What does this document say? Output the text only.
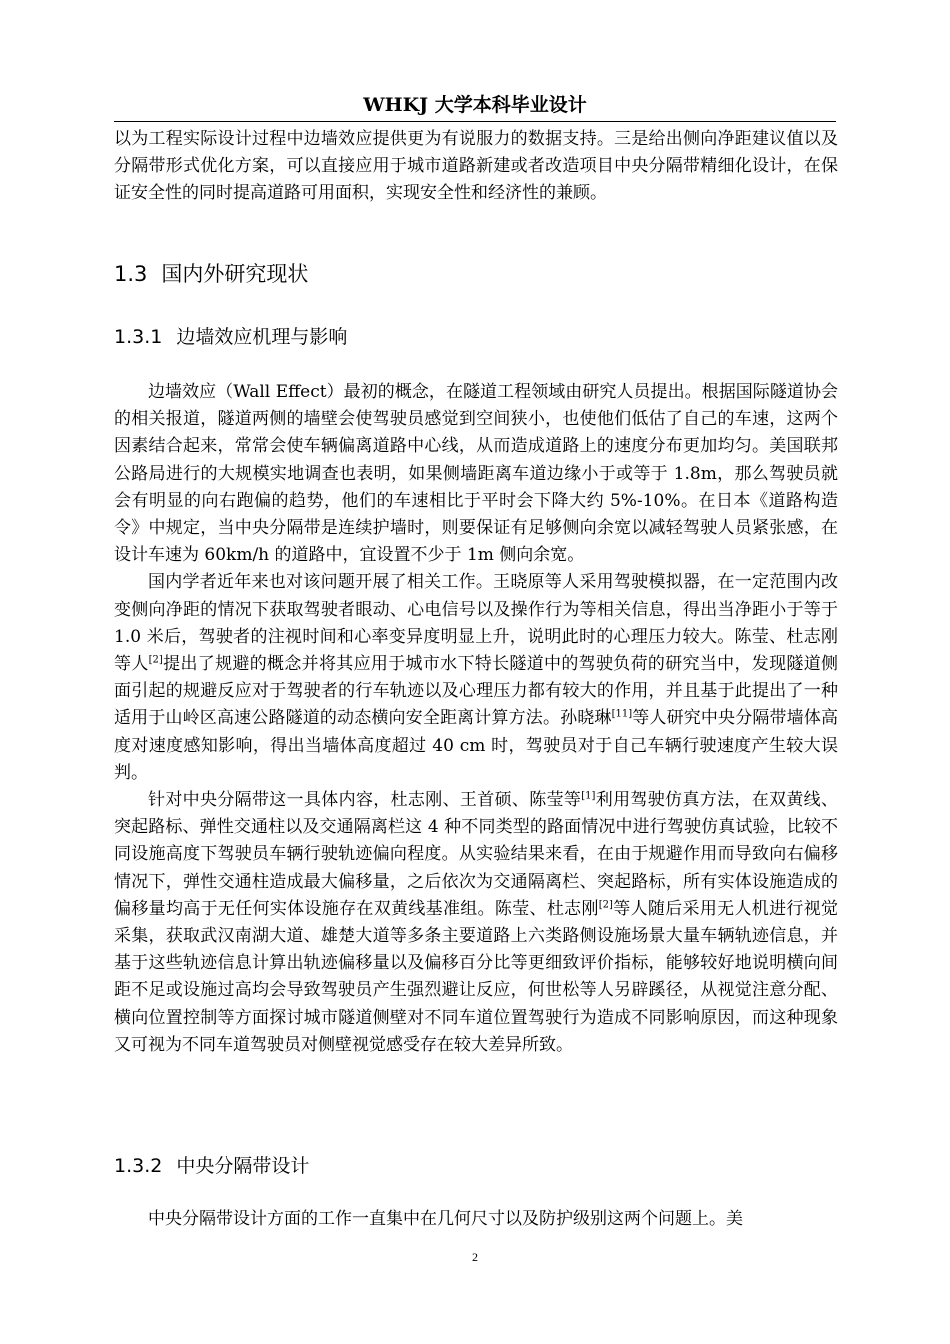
WHKJ 大学本科毕业设计

以为工程实际设计过程中边墙效应提供更为有说服力的数据支持。三是给出侧向净距建议值以及分隔带形式优化方案，可以直接应用于城市道路新建或者改造项目中央分隔带精细化设计，在保证安全性的同时提高道路可用面积，实现安全性和经济性的兼顾。

1.3 国内外研究现状
1.3.1 边墙效应机理与影响

边墙效应（Wall Effect）最初的概念，在隧道工程领域由研究人员提出。根据国际隧道协会的相关报道，隧道两侧的墙壁会使驾驶员感觉到空间狭小，也使他们低估了自己的车速，这两个因素结合起来，常常会使车辆偏离道路中心线，从而造成道路上的速度分布更加均匀。美国联邦公路局进行的大规模实地调查也表明，如果侧墙距离车道边缘小于或等于 1.8m，那么驾驶员就会有明显的向右跑偏的趋势，他们的车速相比于平时会下降大约 5%-10%。在日本《道路构造令》中规定，当中央分隔带是连续护墙时，则要保证有足够侧向余宽以减轻驾驶人员紧张感，在设计车速为 60km/h 的道路中，宜设置不少于 1m 侧向余宽。

国内学者近年来也对该问题开展了相关工作。王晓原等人采用驾驶模拟器，在一定范围内改变侧向净距的情况下获取驾驶者眼动、心电信号以及操作行为等相关信息，得出当净距小于等于 1.0 米后，驾驶者的注视时间和心率变异度明显上升，说明此时的心理压力较大。陈莹、杜志刚等人[2]提出了规避的概念并将其应用于城市水下特长隧道中的驾驶负荷的研究当中，发现隧道侧面引起的规避反应对于驾驶者的行车轨迹以及心理压力都有较大的作用，并且基于此提出了一种适用于山岭区高速公路隧道的动态横向安全距离计算方法。孙晓琳[11]等人研究中央分隔带墙体高度对速度感知影响，得出当墙体高度超过 40 cm 时，驾驶员对于自己车辆行驶速度产生较大误判。

针对中央分隔带这一具体内容，杜志刚、王首硕、陈莹等[1]利用驾驶仿真方法，在双黄线、突起路标、弹性交通柱以及交通隔离栏这 4 种不同类型的路面情况中进行驾驶仿真试验，比较不同设施高度下驾驶员车辆行驶轨迹偏向程度。从实验结果来看，在由于规避作用而导致向右偏移情况下，弹性交通柱造成最大偏移量，之后依次为交通隔离栏、突起路标，所有实体设施造成的偏移量均高于无任何实体设施存在双黄线基准组。陈莹、杜志刚[2]等人随后采用无人机进行视觉采集，获取武汉南湖大道、雄楚大道等多条主要道路上六类路侧设施场景大量车辆轨迹信息，并基于这些轨迹信息计算出轨迹偏移量以及偏移百分比等更细致评价指标，能够较好地说明横向间距不足或设施过高均会导致驾驶员产生强烈避让反应，何世松等人另辟蹊径，从视觉注意分配、横向位置控制等方面探讨城市隧道侧壁对不同车道位置驾驶行为造成不同影响原因，而这种现象又可视为不同车道驾驶员对侧壁视觉感受存在较大差异所致。

1.3.2 中央分隔带设计

中央分隔带设计方面的工作一直集中在几何尺寸以及防护级别这两个问题上。美

2
